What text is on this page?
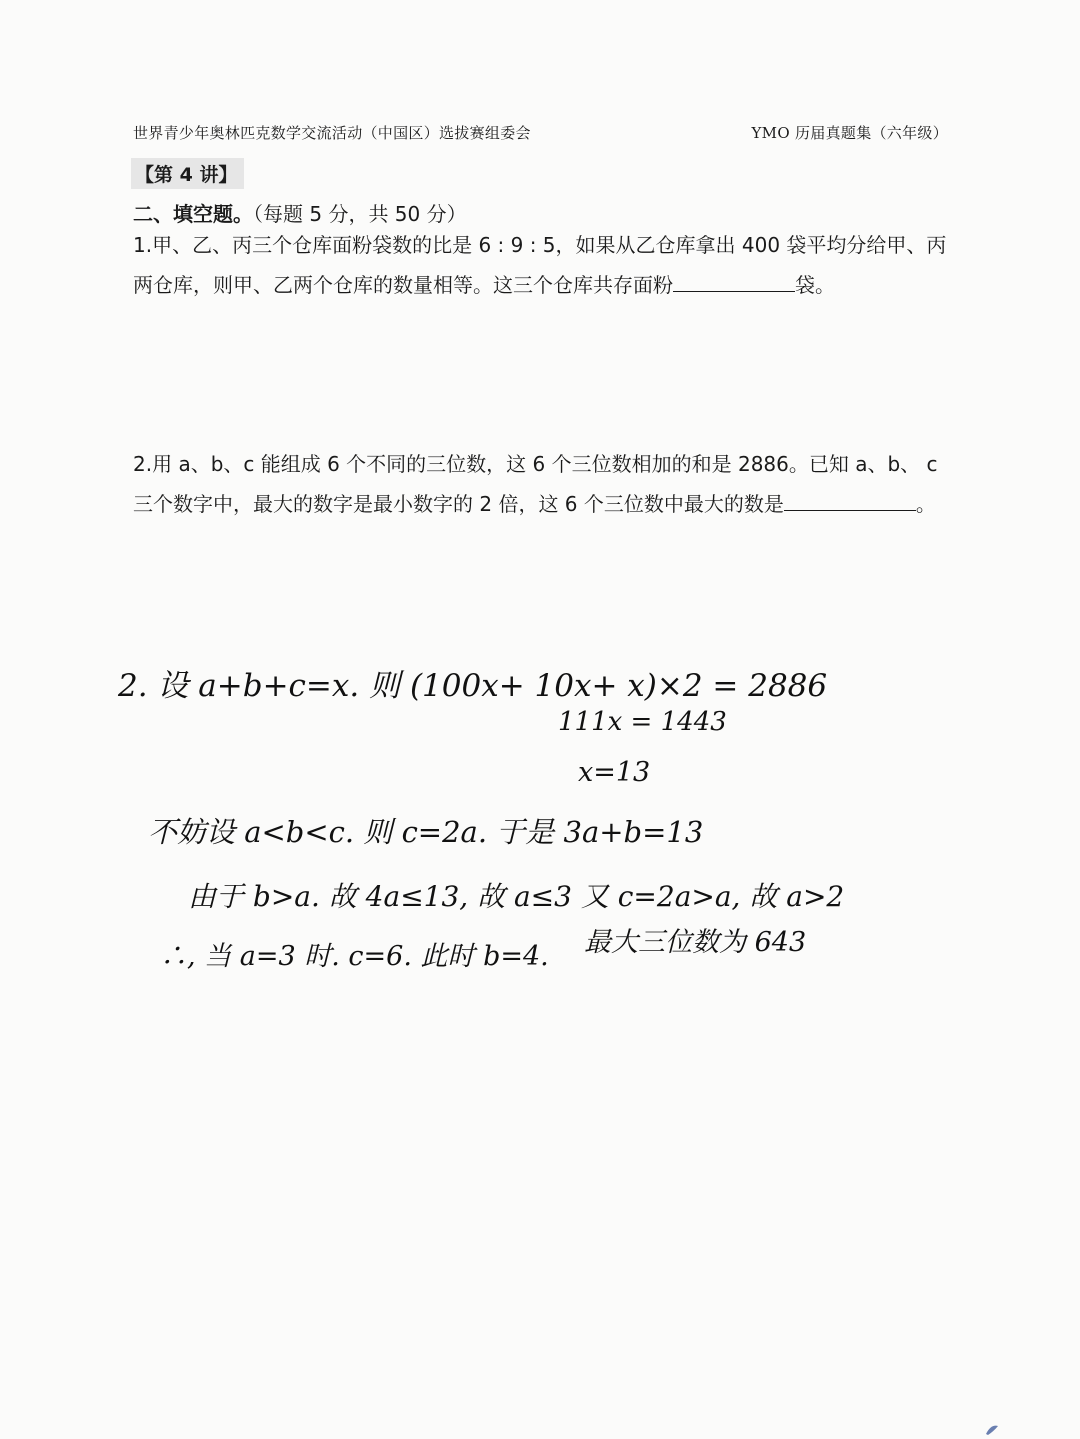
世界青少年奥林匹克数学交流活动（中国区）选拔赛组委会	YMO 历届真题集（六年级）
【第 4 讲】
二、填空题。（每题 5 分，共 50 分）
1.甲、乙、丙三个仓库面粉袋数的比是 6 : 9 : 5，如果从乙仓库拿出 400 袋平均分给甲、丙两仓库，则甲、乙两个仓库的数量相等。这三个仓库共存面粉	袋。
2.用 a、b、c 能组成 6 个不同的三位数，这 6 个三位数相加的和是 2886。已知 a、b、 c 三个数字中，最大的数字是最小数字的 2 倍，这 6 个三位数中最大的数是	。
2. 设 a+b+c=x. 则 (100x+ 10x+ x)×2 = 2886
111x = 1443
x=13
不妨设 a<b<c. 则 c=2a. 于是 3a+b=13
由于 b>a. 故 4a≤13, 故 a≤3 又 c=2a>a, 故 a>2
∴, 当 a=3 时. c=6. 此时 b=4. 最大三位数为 643
